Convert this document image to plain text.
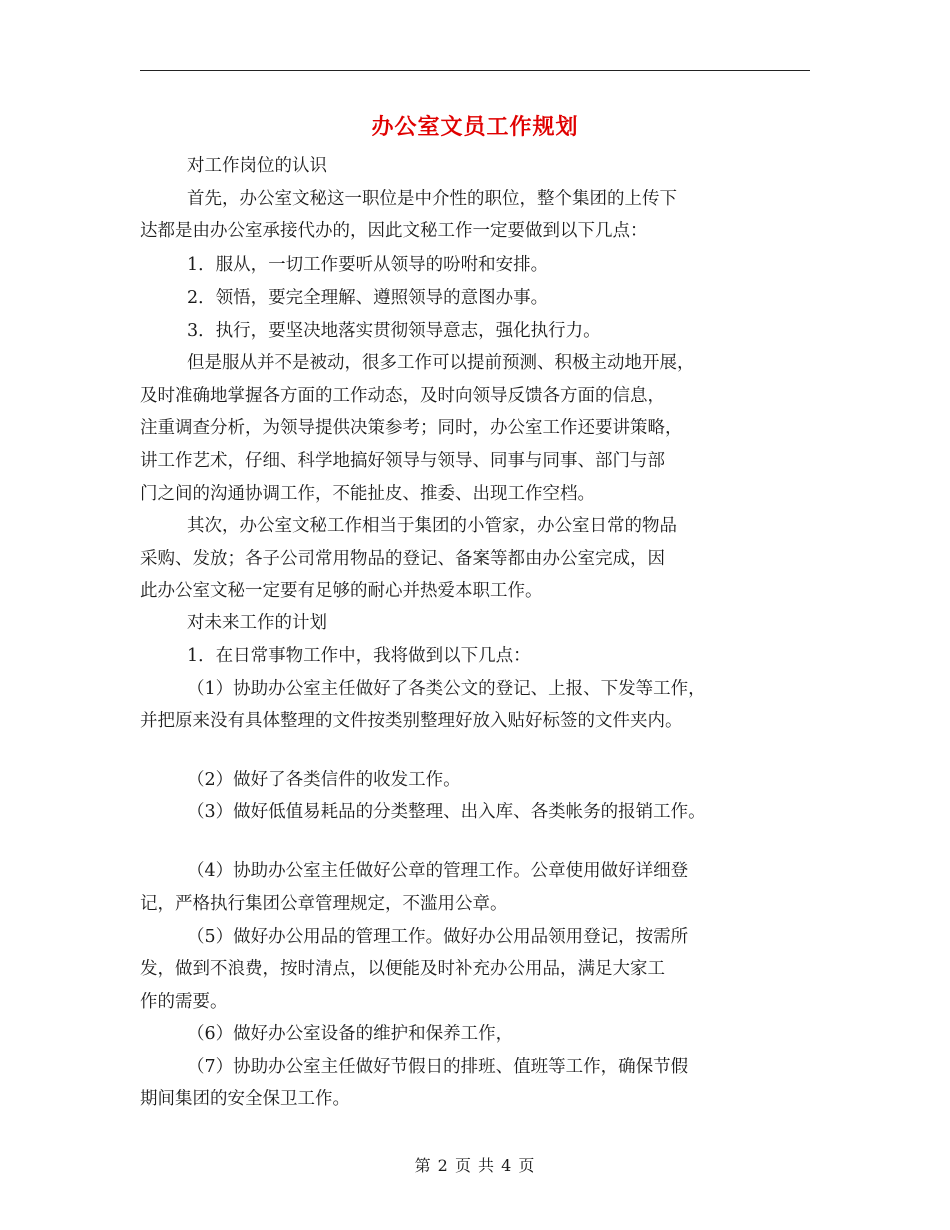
办公室文员工作规划
对工作岗位的认识
首先，办公室文秘这一职位是中介性的职位，整个集团的上传下
达都是由办公室承接代办的，因此文秘工作一定要做到以下几点：
1．服从，一切工作要听从领导的吩咐和安排。
2．领悟，要完全理解、遵照领导的意图办事。
3．执行，要坚决地落实贯彻领导意志，强化执行力。
但是服从并不是被动，很多工作可以提前预测、积极主动地开展，
及时准确地掌握各方面的工作动态，及时向领导反馈各方面的信息，
注重调查分析，为领导提供决策参考；同时，办公室工作还要讲策略，
讲工作艺术，仔细、科学地搞好领导与领导、同事与同事、部门与部
门之间的沟通协调工作，不能扯皮、推委、出现工作空档。
其次，办公室文秘工作相当于集团的小管家，办公室日常的物品
采购、发放；各子公司常用物品的登记、备案等都由办公室完成，因
此办公室文秘一定要有足够的耐心并热爱本职工作。
对未来工作的计划
1．在日常事物工作中，我将做到以下几点：
（1）协助办公室主任做好了各类公文的登记、上报、下发等工作，
并把原来没有具体整理的文件按类别整理好放入贴好标签的文件夹内。
（2）做好了各类信件的收发工作。
（3）做好低值易耗品的分类整理、出入库、各类帐务的报销工作。
（4）协助办公室主任做好公章的管理工作。公章使用做好详细登
记，严格执行集团公章管理规定，不滥用公章。
（5）做好办公用品的管理工作。做好办公用品领用登记，按需所
发，做到不浪费，按时清点，以便能及时补充办公用品，满足大家工
作的需要。
（6）做好办公室设备的维护和保养工作，
（7）协助办公室主任做好节假日的排班、值班等工作，确保节假
期间集团的安全保卫工作。
第 2 页 共 4 页
